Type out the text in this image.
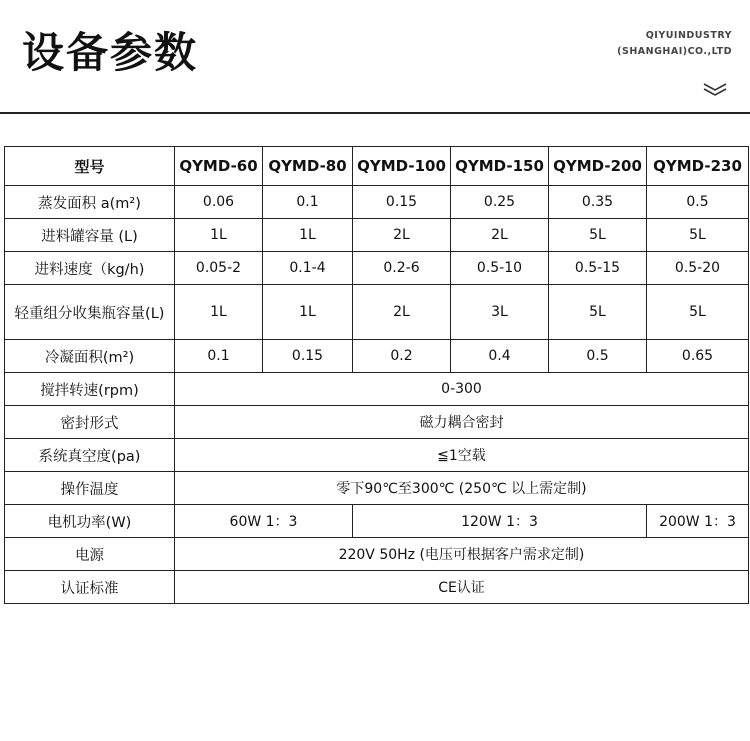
设备参数	QIYUINDUSTRY
(SHANGHAI)CO.,LTD
型号	QYMD-60	QYMD-80	QYMD-100	QYMD-150	QYMD-200	QYMD-230
蒸发面积 a(m²)	0.06	0.1	0.15	0.25	0.35	0.5
进料罐容量 (L)	1L	1L	2L	2L	5L	5L
进料速度（kg/h)	0.05-2	0.1-4	0.2-6	0.5-10	0.5-15	0.5-20
轻重组分收集瓶容量(L)	1L	1L	2L	3L	5L	5L
冷凝面积(m²)	0.1	0.15	0.2	0.4	0.5	0.65
搅拌转速(rpm)	0-300					
密封形式	磁力耦合密封					
系统真空度(pa)	≦1空载					
操作温度	零下90℃至300℃ (250℃ 以上需定制)					
电机功率(W)	60W 1：3		120W 1：3			200W 1：3
电源	220V 50Hz (电压可根据客户需求定制)					
认证标准	CE认证					
